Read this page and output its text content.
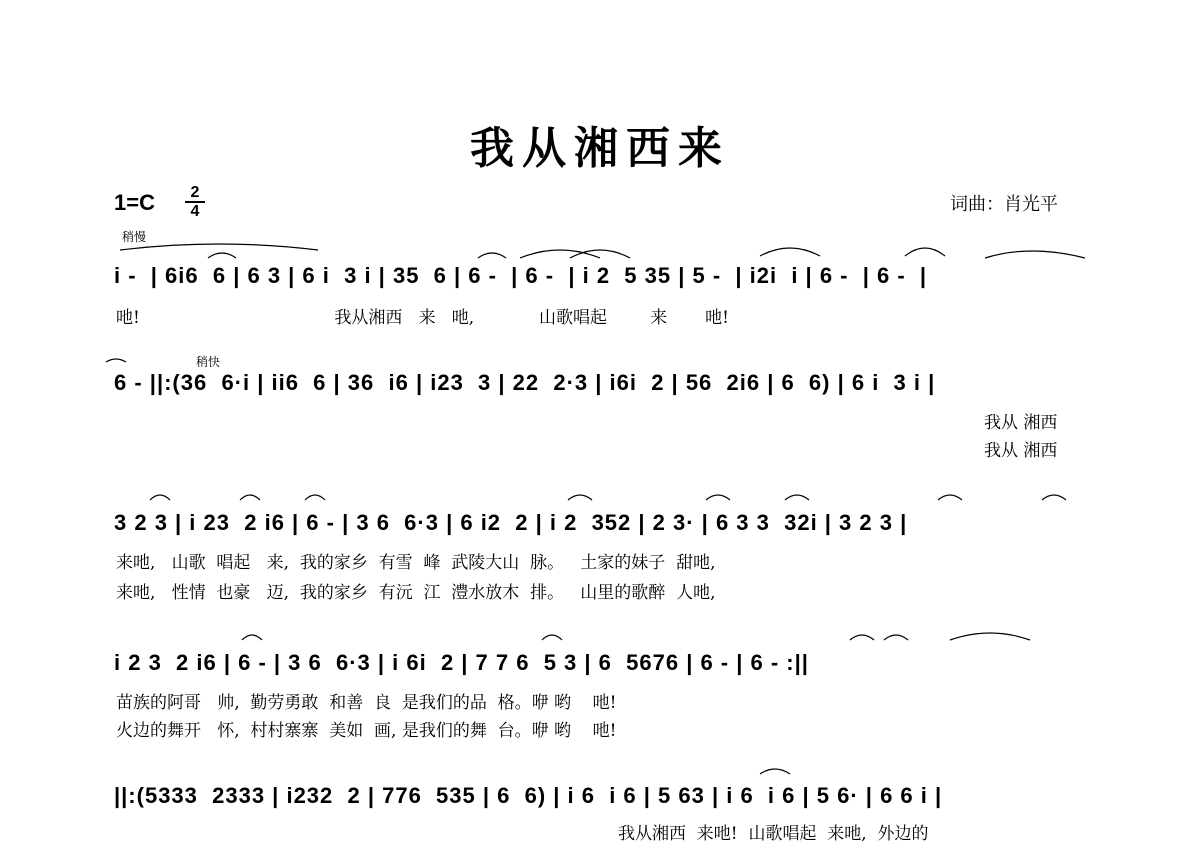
我从湘西来
1=C	2
4	词曲：肖光平
稍慢
稍快
i -  | 6i6  6 | 6 3 | 6 i  3 i | 35  6 | 6 -  | 6 -  | i 2  5 35 | 5 -  | i2i  i | 6 -  | 6 -  |
吔!                                    我从湘西   来   吔,            山歌唱起        来       吔!
6 - ||:(36  6·i | ii6  6 | 36  i6 | i23  3 | 22  2·3 | i6i  2 | 56  2i6 | 6  6) | 6 i  3 i |
我从 湘西
我从 湘西
3 2 3 | i 23  2 i6 | 6 - | 3 6  6·3 | 6 i2  2 | i 2  352 | 2 3· | 6 3 3  32i | 3 2 3 |
来吔,   山歌  唱起   来,  我的家乡  有雪  峰  武陵大山  脉。   土家的妹子  甜吔,
来吔,   性情  也豪   迈,  我的家乡  有沅  江  澧水放木  排。   山里的歌醉  人吔,
i 2 3  2 i6 | 6 - | 3 6  6·3 | i 6i  2 | 7 7 6  5 3 | 6  5676 | 6 - | 6 - :||
苗族的阿哥   帅,  勤劳勇敢  和善  良  是我们的品  格。咿 哟    吔!
火边的舞开   怀,  村村寨寨  美如  画, 是我们的舞  台。咿 哟    吔!
||:(5333  2333 | i232  2 | 776  535 | 6  6) | i 6  i 6 | 5 63 | i 6  i 6 | 5 6· | 6 6 i |
我从湘西  来吔!  山歌唱起  来吔,  外边的
